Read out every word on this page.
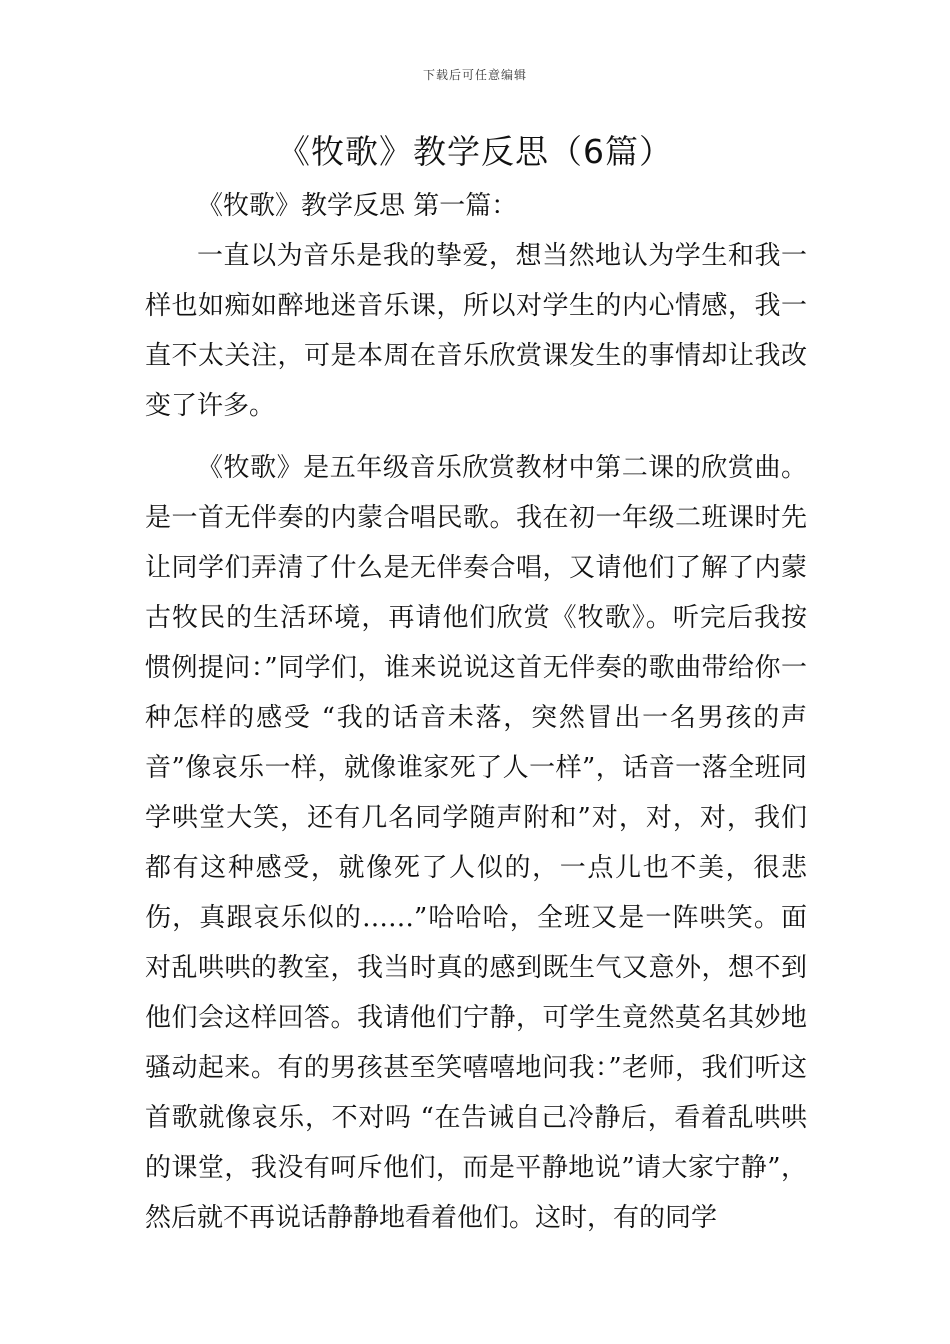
下载后可任意编辑
《牧歌》教学反思（6篇）

《牧歌》教学反思 第一篇：

一直以为音乐是我的挚爱，想当然地认为学生和我一样也如痴如醉地迷音乐课，所以对学生的内心情感，我一直不太关注，可是本周在音乐欣赏课发生的事情却让我改变了许多。

《牧歌》是五年级音乐欣赏教材中第二课的欣赏曲。是一首无伴奏的内蒙合唱民歌。我在初一年级二班课时先让同学们弄清了什么是无伴奏合唱，又请他们了解了内蒙古牧民的生活环境，再请他们欣赏《牧歌》。听完后我按惯例提问：”同学们，谁来说说这首无伴奏的歌曲带给你一种怎样的感受 “我的话音未落，突然冒出一名男孩的声音”像哀乐一样，就像谁家死了人一样”，话音一落全班同学哄堂大笑，还有几名同学随声附和”对，对，对，我们都有这种感受，就像死了人似的，一点儿也不美，很悲伤，真跟哀乐似的……”哈哈哈，全班又是一阵哄笑。面对乱哄哄的教室，我当时真的感到既生气又意外，想不到他们会这样回答。我请他们宁静，可学生竟然莫名其妙地骚动起来。有的男孩甚至笑嘻嘻地问我：”老师，我们听这首歌就像哀乐，不对吗 “在告诫自己冷静后，看着乱哄哄的课堂，我没有呵斥他们，而是平静地说”请大家宁静”，然后就不再说话静静地看着他们。这时，有的同学
